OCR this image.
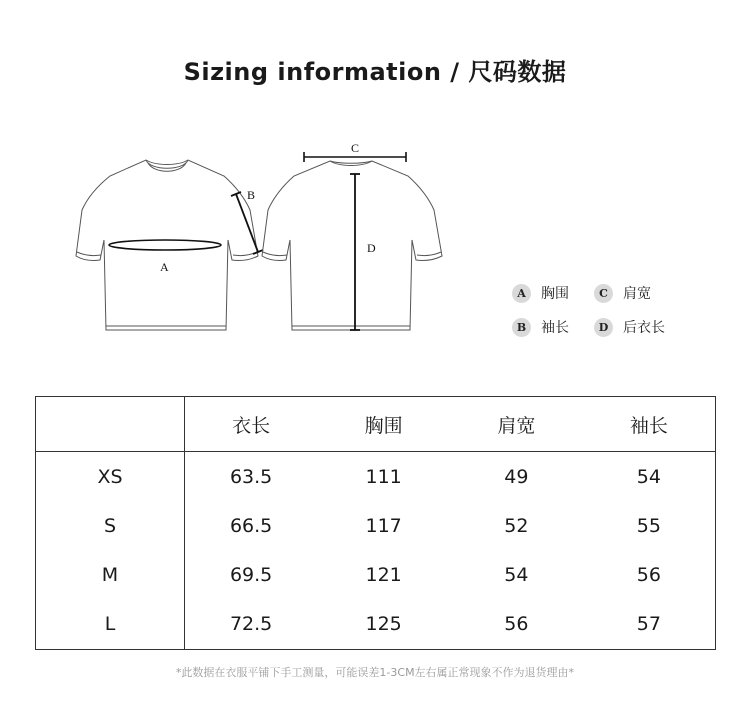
Sizing information / 尺码数据
A
B
C
D
A	胸围	C	肩宽
B	袖长	D	后衣长
	衣长	胸围	肩宽	袖长
XS	63.5	111	49	54
S	66.5	117	52	55
M	69.5	121	54	56
L	72.5	125	56	57
*此数据在衣服平铺下手工测量，可能误差1-3CM左右属正常现象不作为退货理由*
